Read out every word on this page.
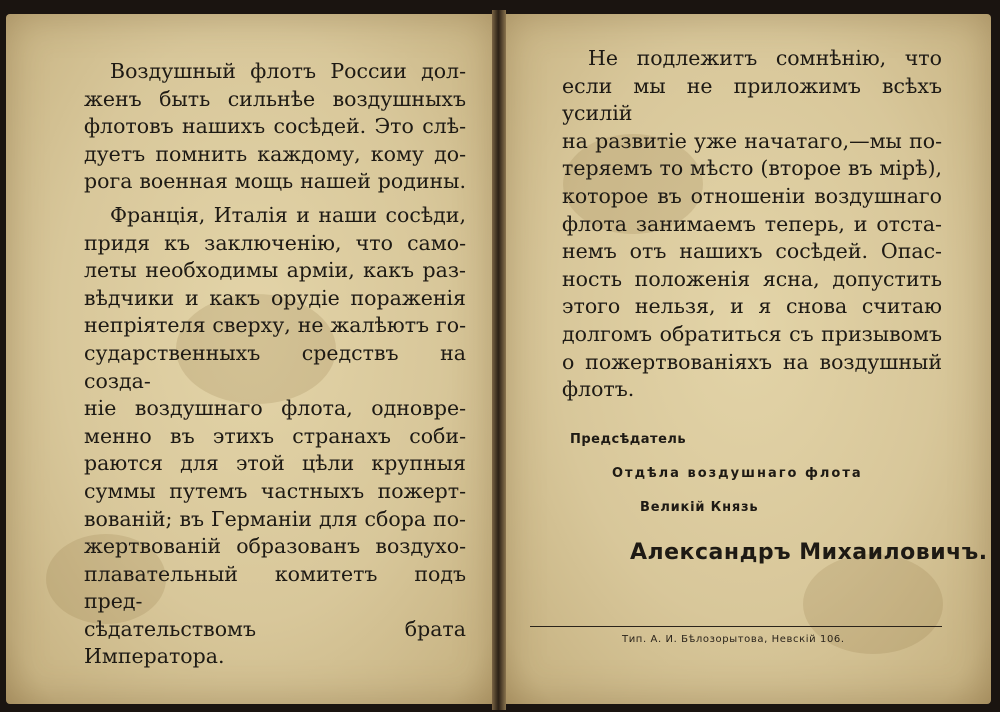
Воздушный флотъ России дол-
женъ быть сильнѣе воздушныхъ
флотовъ нашихъ сосѣдей. Это слѣ-
дуетъ помнить каждому, кому до-
рога военная мощь нашей родины.
Франція, Италія и наши сосѣди,
придя къ заключенію, что само-
леты необходимы арміи, какъ раз-
вѣдчики и какъ орудіе пораженія
непріятеля сверху, не жалѣютъ го-
сударственныхъ средствъ на созда-
ніе воздушнаго флота, одновре-
менно въ этихъ странахъ соби-
раются для этой цѣли крупныя
суммы путемъ частныхъ пожерт-
вованій; въ Германіи для сбора по-
жертвованій образованъ воздухо-
плавательный комитетъ подъ пред-
сѣдательствомъ брата Императора.
Не подлежитъ сомнѣнію, что
если мы не приложимъ всѣхъ усилій
на развитіе уже начатаго,—мы по-
теряемъ то мѣсто (второе въ мірѣ),
которое въ отношеніи воздушнаго
флота занимаемъ теперь, и отста-
немъ отъ нашихъ сосѣдей. Опас-
ность положенія ясна, допустить
этого нельзя, и я снова считаю
долгомъ обратиться съ призывомъ
о пожертвованіяхъ на воздушный
флотъ.
Предсѣдатель
Отдѣла воздушнаго флота
Великій Князь
Александръ Михаиловичъ.
Тип. А. И. Бѣлозорытова, Невскiй 106.
